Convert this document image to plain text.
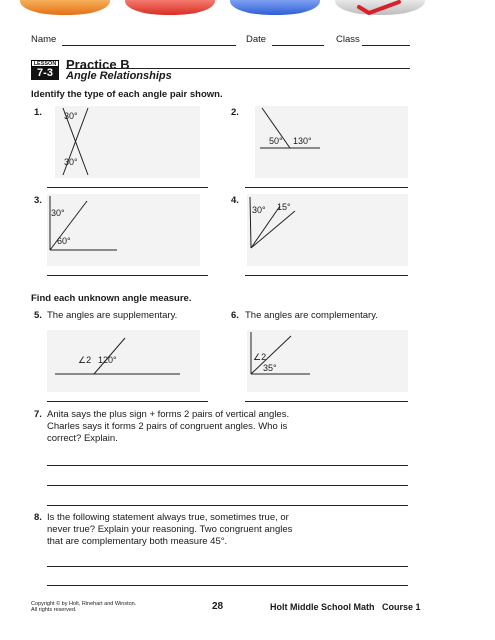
Name	Date	Class
LESSON
7-3
Practice B
Angle Relationships
Identify the type of each angle pair shown.
1. 30°
30°
2.
50° 130°
3.
30°
60°
4.
30° 15°
Find each unknown angle measure.
5. The angles are supplementary.
∠2 120°
6. The angles are complementary.
∠2
35°
7. Anita says the plus sign + forms 2 pairs of vertical angles.
Charles says it forms 2 pairs of congruent angles. Who is
correct? Explain.
8. Is the following statement always true, sometimes true, or
never true? Explain your reasoning. Two congruent angles
that are complementary both measure 45°.
Copyright © by Holt, Rinehart and Winston.
All rights reserved.	28	Holt Middle School Math   Course 1
